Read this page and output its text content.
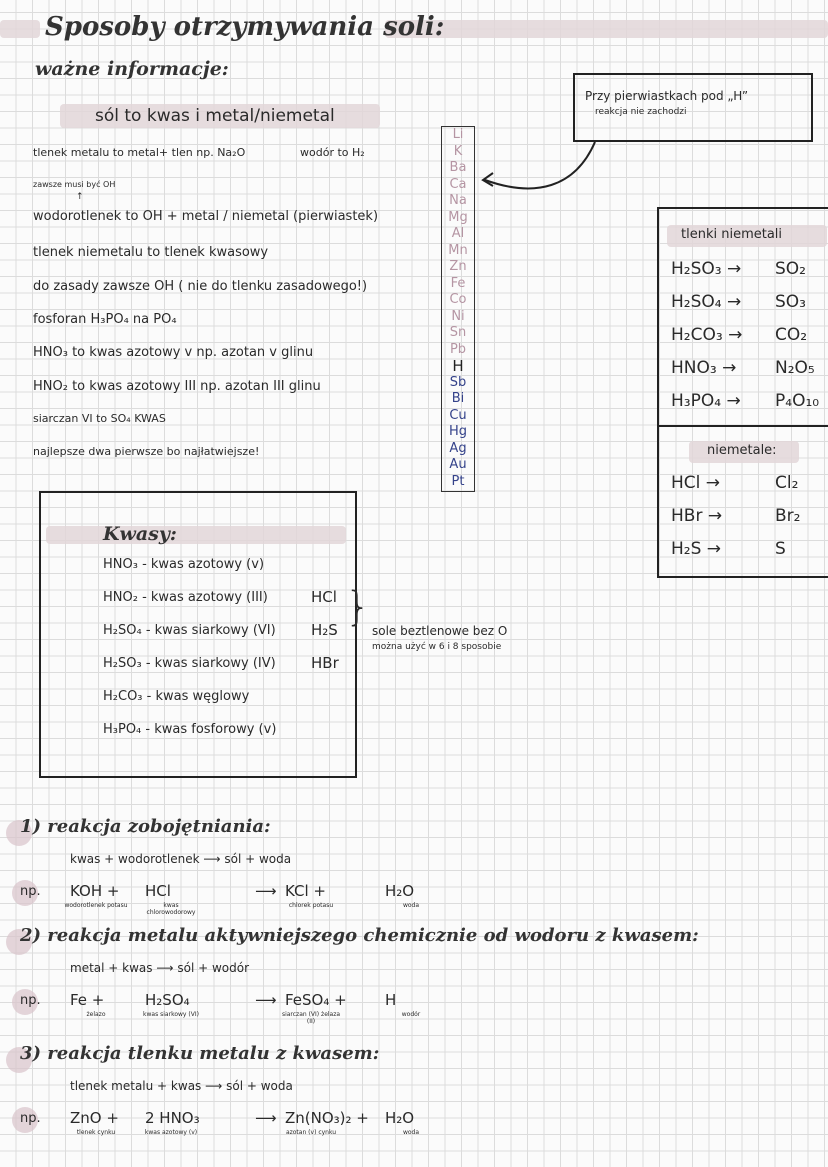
Sposoby otrzymywania soli:
ważne informacje:
sól to kwas i metal/niemetal
tlenek metalu to metal+ tlen np. Na₂O	wodór to H₂
zawsze musi być OH
↑
wodorotlenek to OH + metal / niemetal (pierwiastek)
tlenek niemetalu to tlenek kwasowy
do zasady zawsze OH ( nie do tlenku zasadowego!)
fosforan H₃PO₄ na PO₄
HNO₃ to kwas azotowy v np. azotan v glinu
HNO₂ to kwas azotowy III np. azotan III glinu
siarczan VI to SO₄ KWAS
najlepsze dwa pierwsze bo najłatwiejsze!
Li
K
Ba
Ca
Na
Mg
Al
Mn
Zn
Fe
Co
Ni
Sn
Pb
H
Sb
Bi
Cu
Hg
Ag
Au
Pt
Przy pierwiastkach pod „H”
reakcja nie zachodzi
tlenki niemetali
H₂SO₃ → SO₂
H₂SO₄ → SO₃
H₂CO₃ → CO₂
HNO₃ → N₂O₅
H₃PO₄ → P₄O₁₀
niemetale:
HCl →	Cl₂
HBr →	Br₂
H₂S →	S
Kwasy:
HNO₃ - kwas azotowy (v)
HNO₂ - kwas azotowy (III)
H₂SO₄ - kwas siarkowy (VI)
H₂SO₃ - kwas siarkowy (IV)
H₂CO₃ - kwas węglowy
H₃PO₄ - kwas fosforowy (v)
HCl
H₂S
HBr
}
sole beztlenowe bez O
można użyć w 6 i 8 sposobie
1) reakcja zobojętniania:
kwas + wodorotlenek ⟶ sól + woda
np. KOH +
wodorotlenek potasu
HCl
kwas chlorowodorowy
⟶ KCl +
chlorek potasu
H₂O
woda
2) reakcja metalu aktywniejszego chemicznie od wodoru z kwasem:
metal + kwas ⟶ sól + wodór
np. Fe +
żelazo
H₂SO₄
kwas siarkowy (VI)
⟶ FeSO₄ +
siarczan (VI) żelaza (II)
H
wodór
3) reakcja tlenku metalu z kwasem:
tlenek metalu + kwas ⟶ sól + woda
np. ZnO +
tlenek cynku
2 HNO₃
kwas azotowy (v)
⟶ Zn(NO₃)₂ +
azotan (v) cynku
H₂O
woda
